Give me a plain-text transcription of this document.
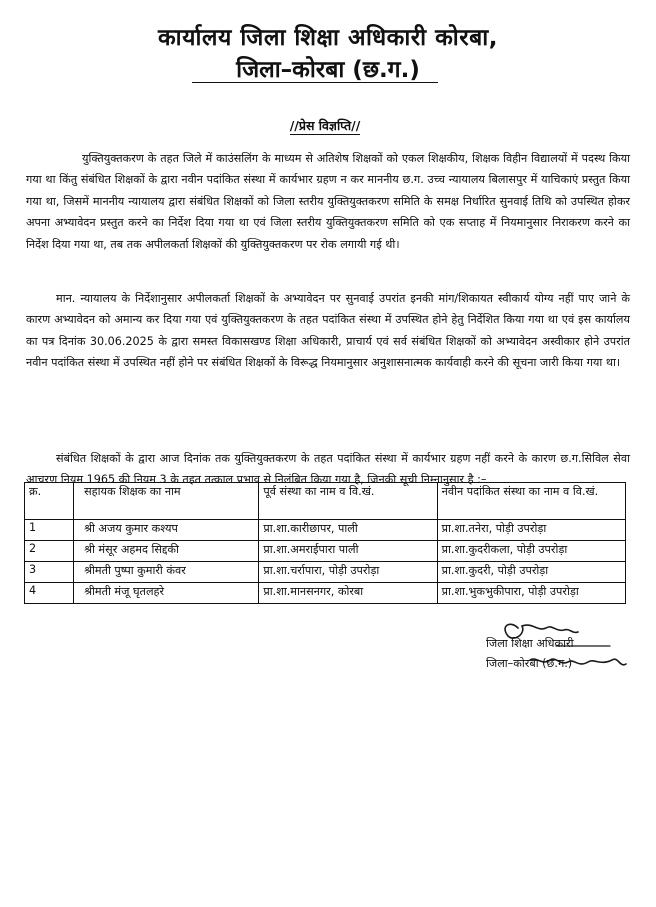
कार्यालय जिला शिक्षा अधिकारी कोरबा,
जिला–कोरबा (छ.ग.)
//प्रेस विज्ञप्ति//

युक्तियुक्तकरण के तहत जिले में काउंसलिंग के माध्यम से अतिशेष शिक्षकों को एकल शिक्षकीय, शिक्षक विहीन विद्यालयों में पदस्थ किया गया था किंतु संबंधित शिक्षकों के द्वारा नवीन पदांकित संस्था में कार्यभार ग्रहण न कर माननीय छ.ग. उच्च न्यायालय बिलासपुर में याचिकाएं प्रस्तुत किया गया था, जिसमें माननीय न्यायालय द्वारा संबंधित शिक्षकों को जिला स्तरीय युक्तियुक्तकरण समिति के समक्ष निर्धारित सुनवाई तिथि को उपस्थित होकर अपना अभ्यावेदन प्रस्तुत करने का निर्देश दिया गया था एवं जिला स्तरीय युक्तियुक्तकरण समिति को एक सप्ताह में नियमानुसार निराकरण करने का निर्देश दिया गया था, तब तक अपीलकर्ता शिक्षकों की युक्तियुक्तकरण पर रोक लगायी गई थी।

मान. न्यायालय के निर्देशानुसार अपीलकर्ता शिक्षकों के अभ्यावेदन पर सुनवाई उपरांत इनकी मांग/शिकायत स्वीकार्य योग्य नहीं पाए जाने के कारण अभ्यावेदन को अमान्य कर दिया गया एवं युक्तियुक्तकरण के तहत पदांकित संस्था में उपस्थित होने हेतु निर्देशित किया गया था एवं इस कार्यालय का पत्र दिनांक 30.06.2025 के द्वारा समस्त विकासखण्ड शिक्षा अधिकारी, प्राचार्य एवं सर्व संबंधित शिक्षकों को अभ्यावेदन अस्वीकार होने उपरांत नवीन पदांकित संस्था में उपस्थित नहीं होने पर संबंधित शिक्षकों के विरूद्ध नियमानुसार अनुशासनात्मक कार्यवाही करने की सूचना जारी किया गया था।

संबंधित शिक्षकों के द्वारा आज दिनांक तक युक्तियुक्तकरण के तहत पदांकित संस्था में कार्यभार ग्रहण नहीं करने के कारण छ.ग.सिविल सेवा आचरण नियम 1965 की नियम 3 के तहत तत्काल प्रभाव से निलंबित किया गया है, जिनकी सूची निम्नानुसार है :–

क्र.	सहायक शिक्षक का नाम	पूर्व संस्था का नाम व वि.खं.	नवीन पदांकित संस्था का नाम व वि.खं.
1	श्री अजय कुमार कश्यप	प्रा.शा.कारीछापर, पाली	प्रा.शा.तनेरा, पोड़ी उपरोड़ा
2	श्री मंसूर अहमद सिद्दकी	प्रा.शा.अमराईपारा पाली	प्रा.शा.कुदरीकला, पोड़ी उपरोड़ा
3	श्रीमती पुष्पा कुमारी कंवर	प्रा.शा.चर्रापारा, पोड़ी उपरोड़ा	प्रा.शा.कुदरी, पोड़ी उपरोड़ा
4	श्रीमती मंजू घृतलहरे	प्रा.शा.मानसनगर, कोरबा	प्रा.शा.भुकभुकीपारा, पोड़ी उपरोड़ा
जिला शिक्षा अधिकारी
जिला–कोरबा (छ.ग.)
